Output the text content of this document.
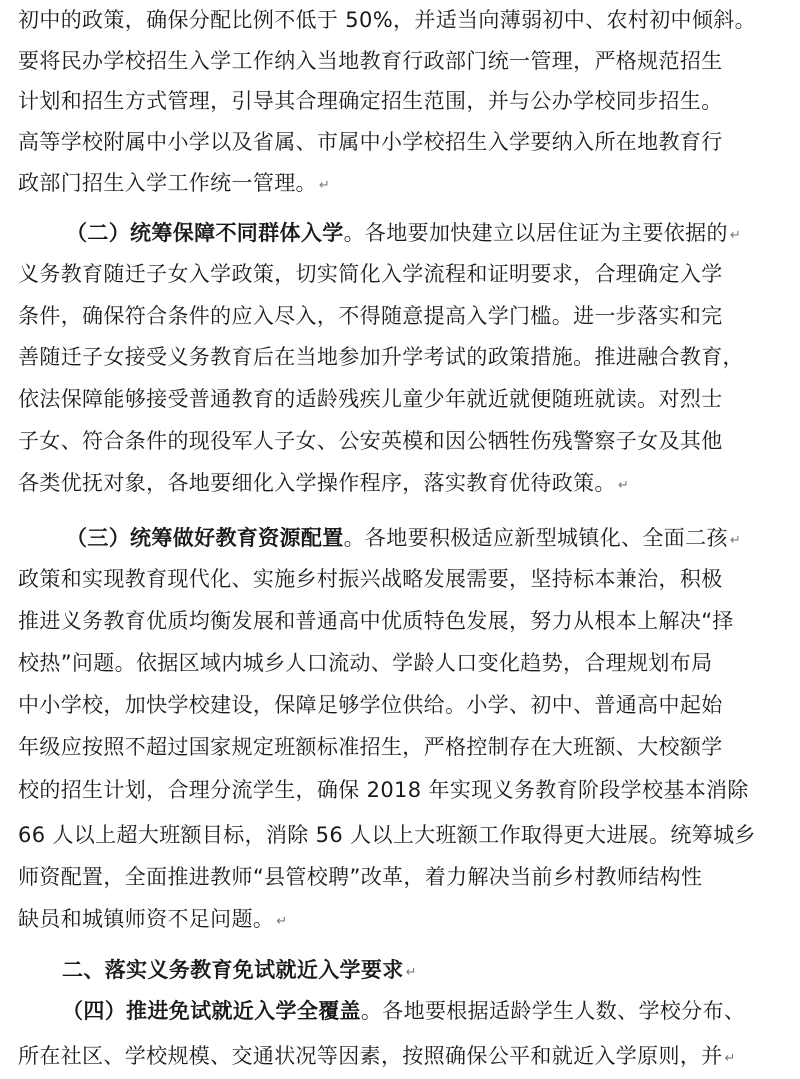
初中的政策，确保分配比例不低于 50%，并适当向薄弱初中、农村初中倾斜。
要将民办学校招生入学工作纳入当地教育行政部门统一管理，严格规范招生
计划和招生方式管理，引导其合理确定招生范围，并与公办学校同步招生。
高等学校附属中小学以及省属、市属中小学校招生入学要纳入所在地教育行
政部门招生入学工作统一管理。 ↵
（二）统筹保障不同群体入学。各地要加快建立以居住证为主要依据的 ↵
义务教育随迁子女入学政策，切实简化入学流程和证明要求，合理确定入学
条件，确保符合条件的应入尽入，不得随意提高入学门槛。进一步落实和完
善随迁子女接受义务教育后在当地参加升学考试的政策措施。推进融合教育，
依法保障能够接受普通教育的适龄残疾儿童少年就近就便随班就读。对烈士
子女、符合条件的现役军人子女、公安英模和因公牺牲伤残警察子女及其他
各类优抚对象，各地要细化入学操作程序，落实教育优待政策。 ↵
（三）统筹做好教育资源配置。各地要积极适应新型城镇化、全面二孩 ↵
政策和实现教育现代化、实施乡村振兴战略发展需要，坚持标本兼治，积极
推进义务教育优质均衡发展和普通高中优质特色发展，努力从根本上解决“择
校热”问题。依据区域内城乡人口流动、学龄人口变化趋势，合理规划布局
中小学校，加快学校建设，保障足够学位供给。小学、初中、普通高中起始
年级应按照不超过国家规定班额标准招生，严格控制存在大班额、大校额学
校的招生计划，合理分流学生，确保 2018 年实现义务教育阶段学校基本消除
66 人以上超大班额目标，消除 56 人以上大班额工作取得更大进展。统筹城乡
师资配置，全面推进教师“县管校聘”改革，着力解决当前乡村教师结构性
缺员和城镇师资不足问题。 ↵
二、落实义务教育免试就近入学要求 ↵
（四）推进免试就近入学全覆盖。各地要根据适龄学生人数、学校分布、
所在社区、学校规模、交通状况等因素，按照确保公平和就近入学原则，并 ↵
